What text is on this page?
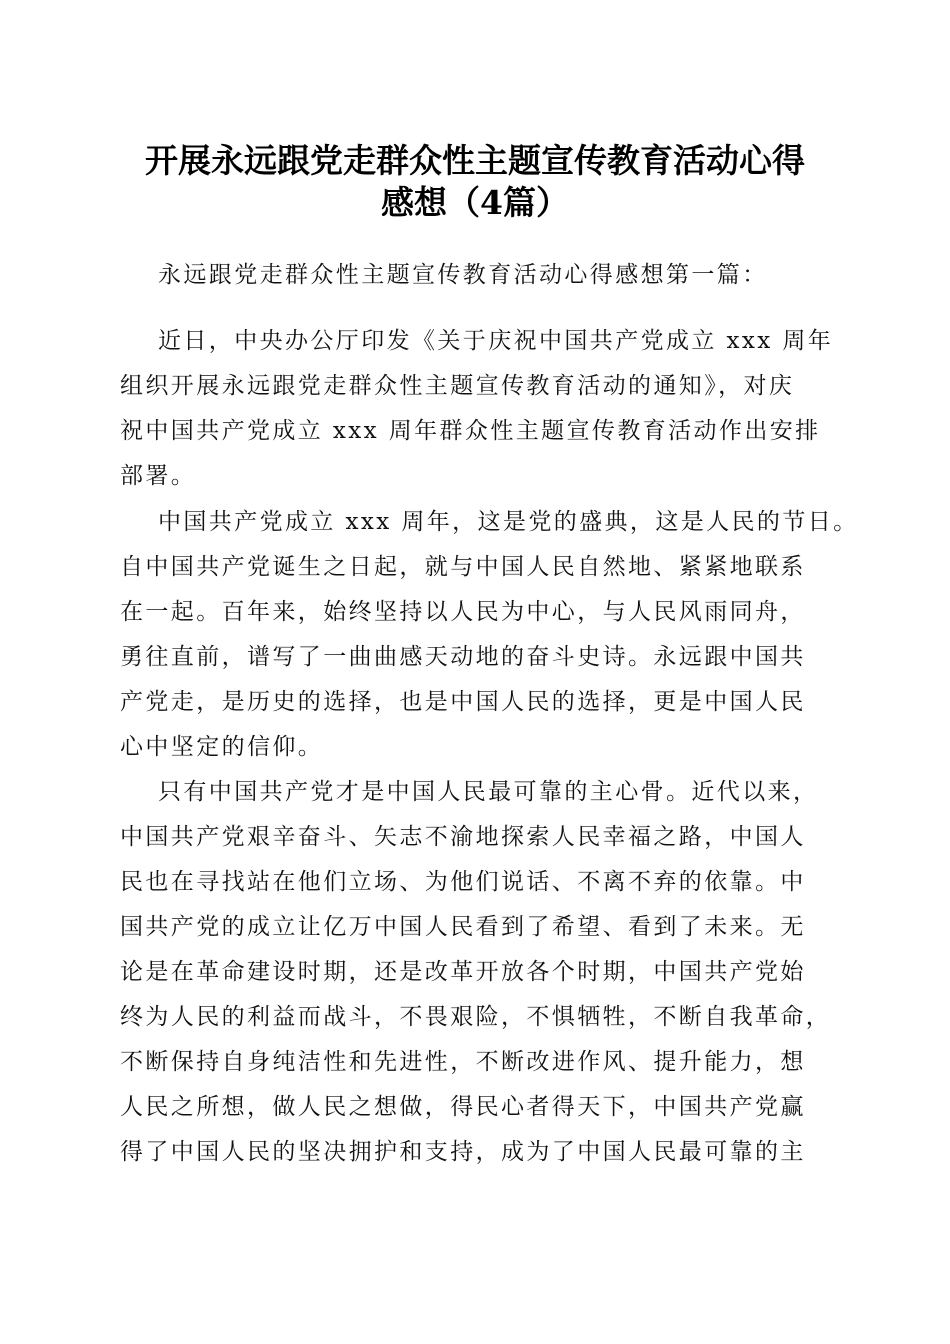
开展永远跟党走群众性主题宣传教育活动心得
感想（4篇）

永远跟党走群众性主题宣传教育活动心得感想第一篇：

近日，中央办公厅印发《关于庆祝中国共产党成立 xxx 周年

组织开展永远跟党走群众性主题宣传教育活动的通知》，对庆

祝中国共产党成立 xxx 周年群众性主题宣传教育活动作出安排

部署。

中国共产党成立 xxx 周年，这是党的盛典，这是人民的节日。

自中国共产党诞生之日起，就与中国人民自然地、紧紧地联系

在一起。百年来，始终坚持以人民为中心，与人民风雨同舟，

勇往直前，谱写了一曲曲感天动地的奋斗史诗。永远跟中国共

产党走，是历史的选择，也是中国人民的选择，更是中国人民

心中坚定的信仰。

只有中国共产党才是中国人民最可靠的主心骨。近代以来，

中国共产党艰辛奋斗、矢志不渝地探索人民幸福之路，中国人

民也在寻找站在他们立场、为他们说话、不离不弃的依靠。中

国共产党的成立让亿万中国人民看到了希望、看到了未来。无

论是在革命建设时期，还是改革开放各个时期，中国共产党始

终为人民的利益而战斗，不畏艰险，不惧牺牲，不断自我革命，

不断保持自身纯洁性和先进性，不断改进作风、提升能力，想

人民之所想，做人民之想做，得民心者得天下，中国共产党赢

得了中国人民的坚决拥护和支持，成为了中国人民最可靠的主
